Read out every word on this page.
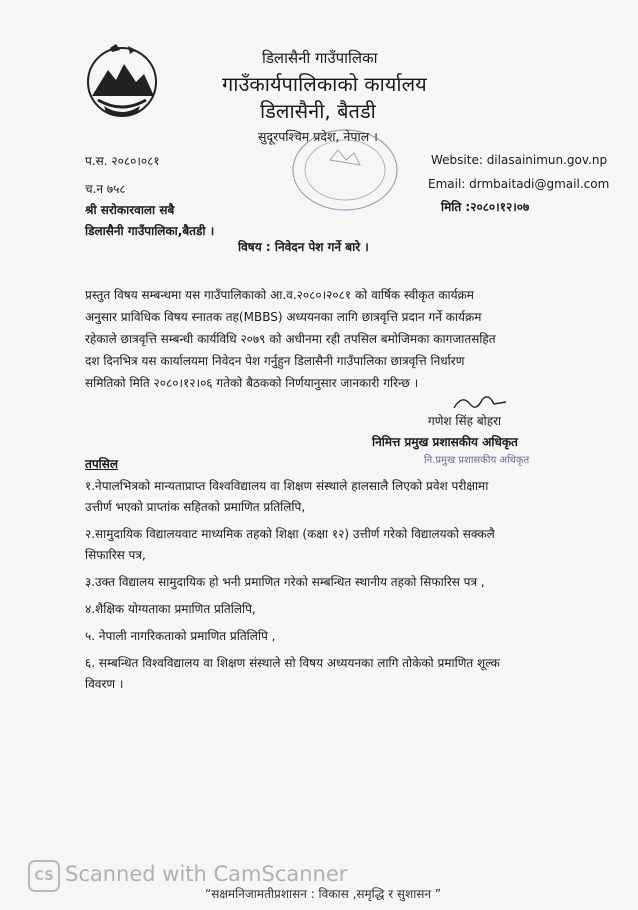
डिलासैनी गाउँपालिका
गाउँकार्यपालिकाको कार्यालय
डिलासैनी, बैतडी
सुदूरपश्चिम प्रदेश, नेपाल ।
प.स. २०८०।०८१
च.न ७५८
श्री सरोकारवाला सबै
डिलासैनी गाउँपालिका,बैतडी ।
Website: dilasainimun.gov.np
Email: drmbaitadi@gmail.com
मिति :२०८०।१२।०७
विषय : निवेदन पेश गर्ने बारे ।
प्रस्तुत विषय सम्बन्धमा यस गाउँपालिकाको आ.व.२०८०।२०८१ को वार्षिक स्वीकृत कार्यक्रम
अनुसार प्राविधिक विषय स्नातक तह(MBBS) अध्ययनका लागि छात्रवृत्ति प्रदान गर्ने कार्यक्रम
रहेकाले छात्रवृत्ति सम्बन्धी कार्यविधि २०७९ को अधीनमा रही तपसिल बमोजिमका कागजातसहित
दश दिनभित्र यस कार्यालयमा निवेदन पेश गर्नुहुन डिलासैनी गाउँपालिका छात्रवृत्ति निर्धारण
समितिको मिति २०८०।१२।०६ गतेको बैठकको निर्णयानुसार जानकारी गरिन्छ ।
गणेश सिंह बोहरा
निमित्त प्रमुख प्रशासकीय अधिकृत
नि.प्रमुख प्रशासकीय अधिकृत
तपसिल
१.नेपालभित्रको मान्यताप्राप्त विश्वविद्यालय वा शिक्षण संस्थाले हालसालै लिएको प्रवेश परीक्षामा
उत्तीर्ण भएको प्राप्तांक सहितको प्रमाणित प्रतिलिपि,
२.सामुदायिक विद्यालयवाट माध्यमिक तहको शिक्षा (कक्षा १२) उत्तीर्ण गरेको विद्यालयको सक्कलै
सिफारिस पत्र,
३.उक्त विद्यालय सामुदायिक हो भनी प्रमाणित गरेको सम्बन्धित स्थानीय तहको सिफारिस पत्र ,
४.शैक्षिक योग्यताका प्रमाणित प्रतिलिपि,
५. नेपाली नागरिकताको प्रमाणित प्रतिलिपि ,
६. सम्बन्धित विश्वविद्यालय वा शिक्षण संस्थाले सो विषय अध्ययनका लागि तोकेको प्रमाणित शूल्क
विवरण ।
CS Scanned with CamScanner
“सक्षमनिजामतीप्रशासन : विकास ,समृद्धि र सुशासन ”
